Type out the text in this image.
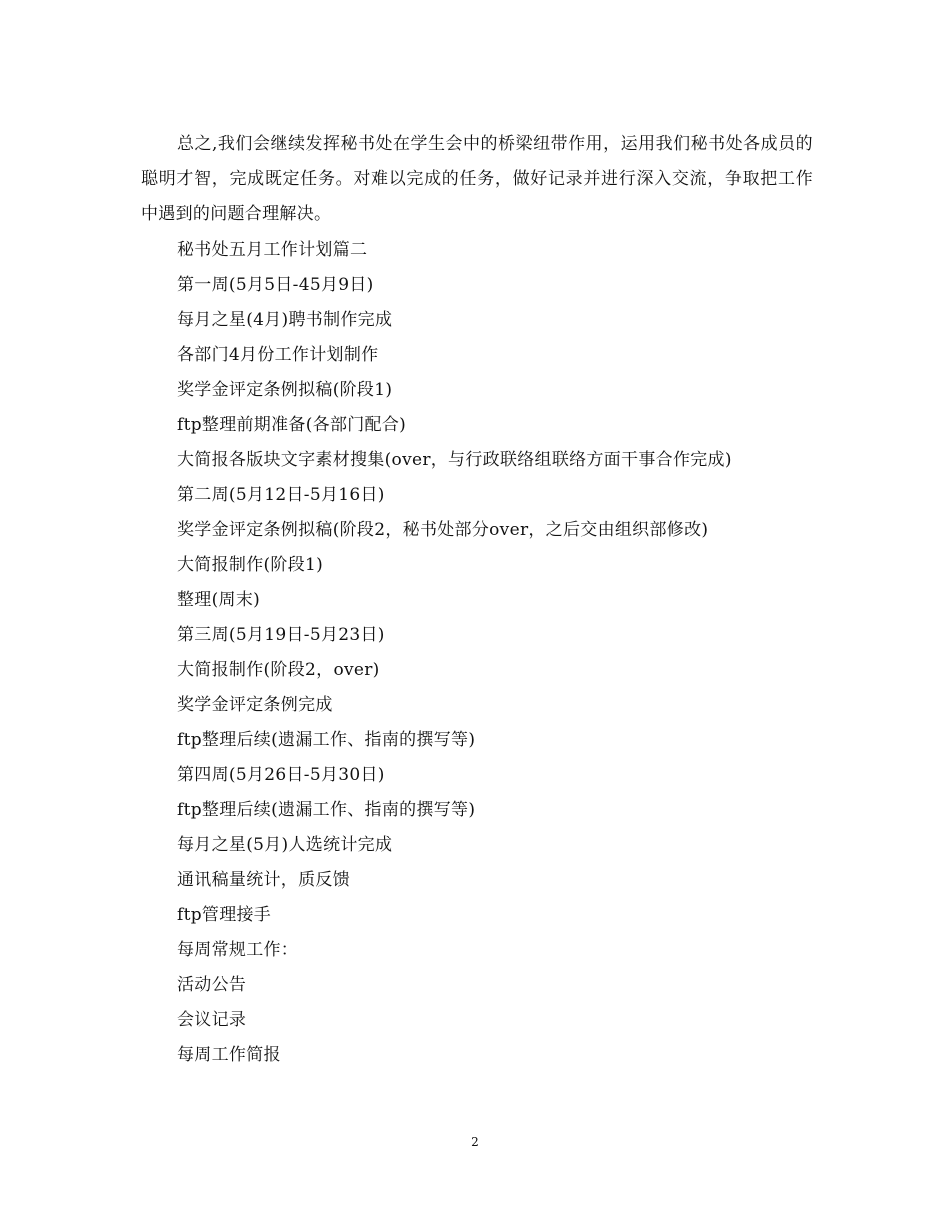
总之,我们会继续发挥秘书处在学生会中的桥梁纽带作用，运用我们秘书处各成员的聪明才智，完成既定任务。对难以完成的任务，做好记录并进行深入交流，争取把工作中遇到的问题合理解决。

秘书处五月工作计划篇二
第一周(5月5日-45月9日)
每月之星(4月)聘书制作完成
各部门4月份工作计划制作
奖学金评定条例拟稿(阶段1)
ftp整理前期准备(各部门配合)
大简报各版块文字素材搜集(over，与行政联络组联络方面干事合作完成)
第二周(5月12日-5月16日)
奖学金评定条例拟稿(阶段2，秘书处部分over，之后交由组织部修改)
大简报制作(阶段1)
整理(周末)
第三周(5月19日-5月23日)
大简报制作(阶段2，over)
奖学金评定条例完成
ftp整理后续(遗漏工作、指南的撰写等)
第四周(5月26日-5月30日)
ftp整理后续(遗漏工作、指南的撰写等)
每月之星(5月)人选统计完成
通讯稿量统计，质反馈
ftp管理接手
每周常规工作：
活动公告
会议记录
每周工作简报
2
